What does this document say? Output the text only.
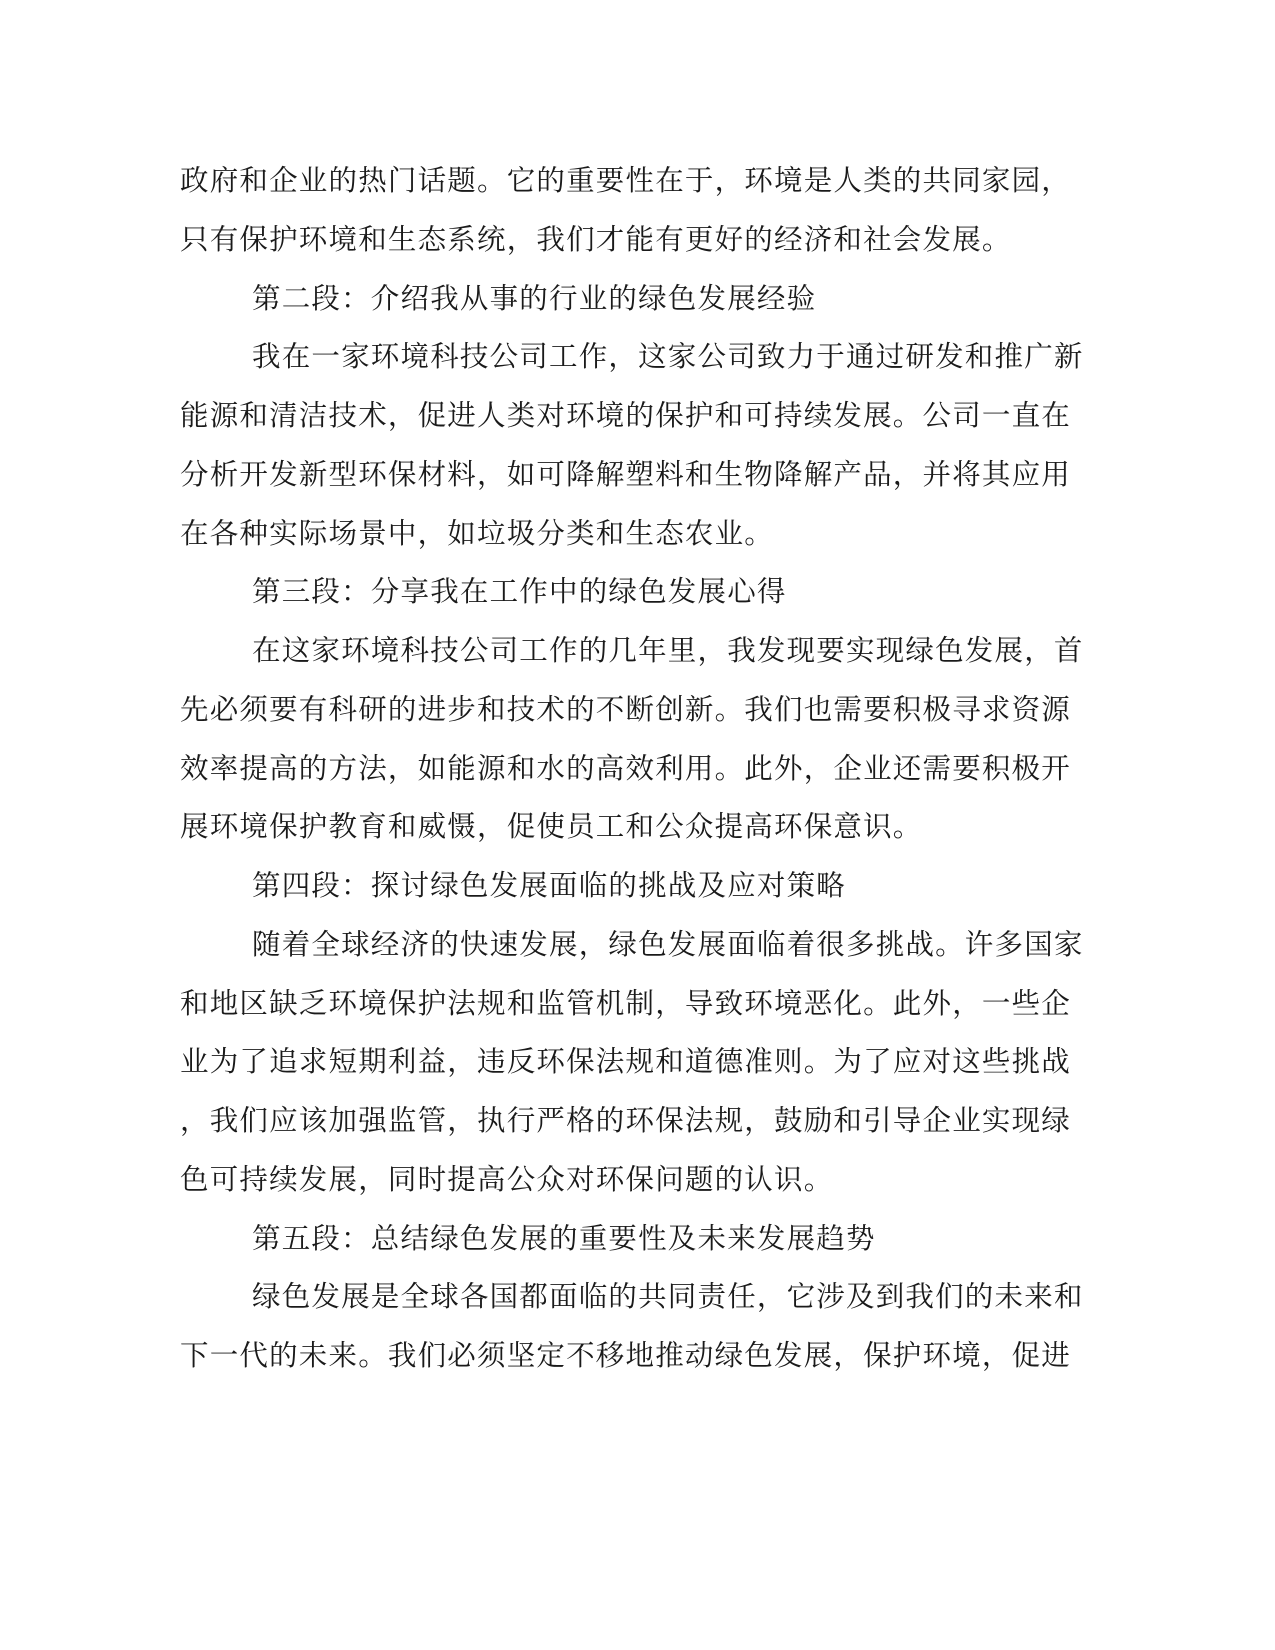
政府和企业的热门话题。它的重要性在于，环境是人类的共同家园，
只有保护环境和生态系统，我们才能有更好的经济和社会发展。
第二段：介绍我从事的行业的绿色发展经验
我在一家环境科技公司工作，这家公司致力于通过研发和推广新
能源和清洁技术，促进人类对环境的保护和可持续发展。公司一直在
分析开发新型环保材料，如可降解塑料和生物降解产品，并将其应用
在各种实际场景中，如垃圾分类和生态农业。
第三段：分享我在工作中的绿色发展心得
在这家环境科技公司工作的几年里，我发现要实现绿色发展，首
先必须要有科研的进步和技术的不断创新。我们也需要积极寻求资源
效率提高的方法，如能源和水的高效利用。此外，企业还需要积极开
展环境保护教育和威慑，促使员工和公众提高环保意识。
第四段：探讨绿色发展面临的挑战及应对策略
随着全球经济的快速发展，绿色发展面临着很多挑战。许多国家
和地区缺乏环境保护法规和监管机制，导致环境恶化。此外，一些企
业为了追求短期利益，违反环保法规和道德准则。为了应对这些挑战
，我们应该加强监管，执行严格的环保法规，鼓励和引导企业实现绿
色可持续发展，同时提高公众对环保问题的认识。
第五段：总结绿色发展的重要性及未来发展趋势
绿色发展是全球各国都面临的共同责任，它涉及到我们的未来和
下一代的未来。我们必须坚定不移地推动绿色发展，保护环境，促进
